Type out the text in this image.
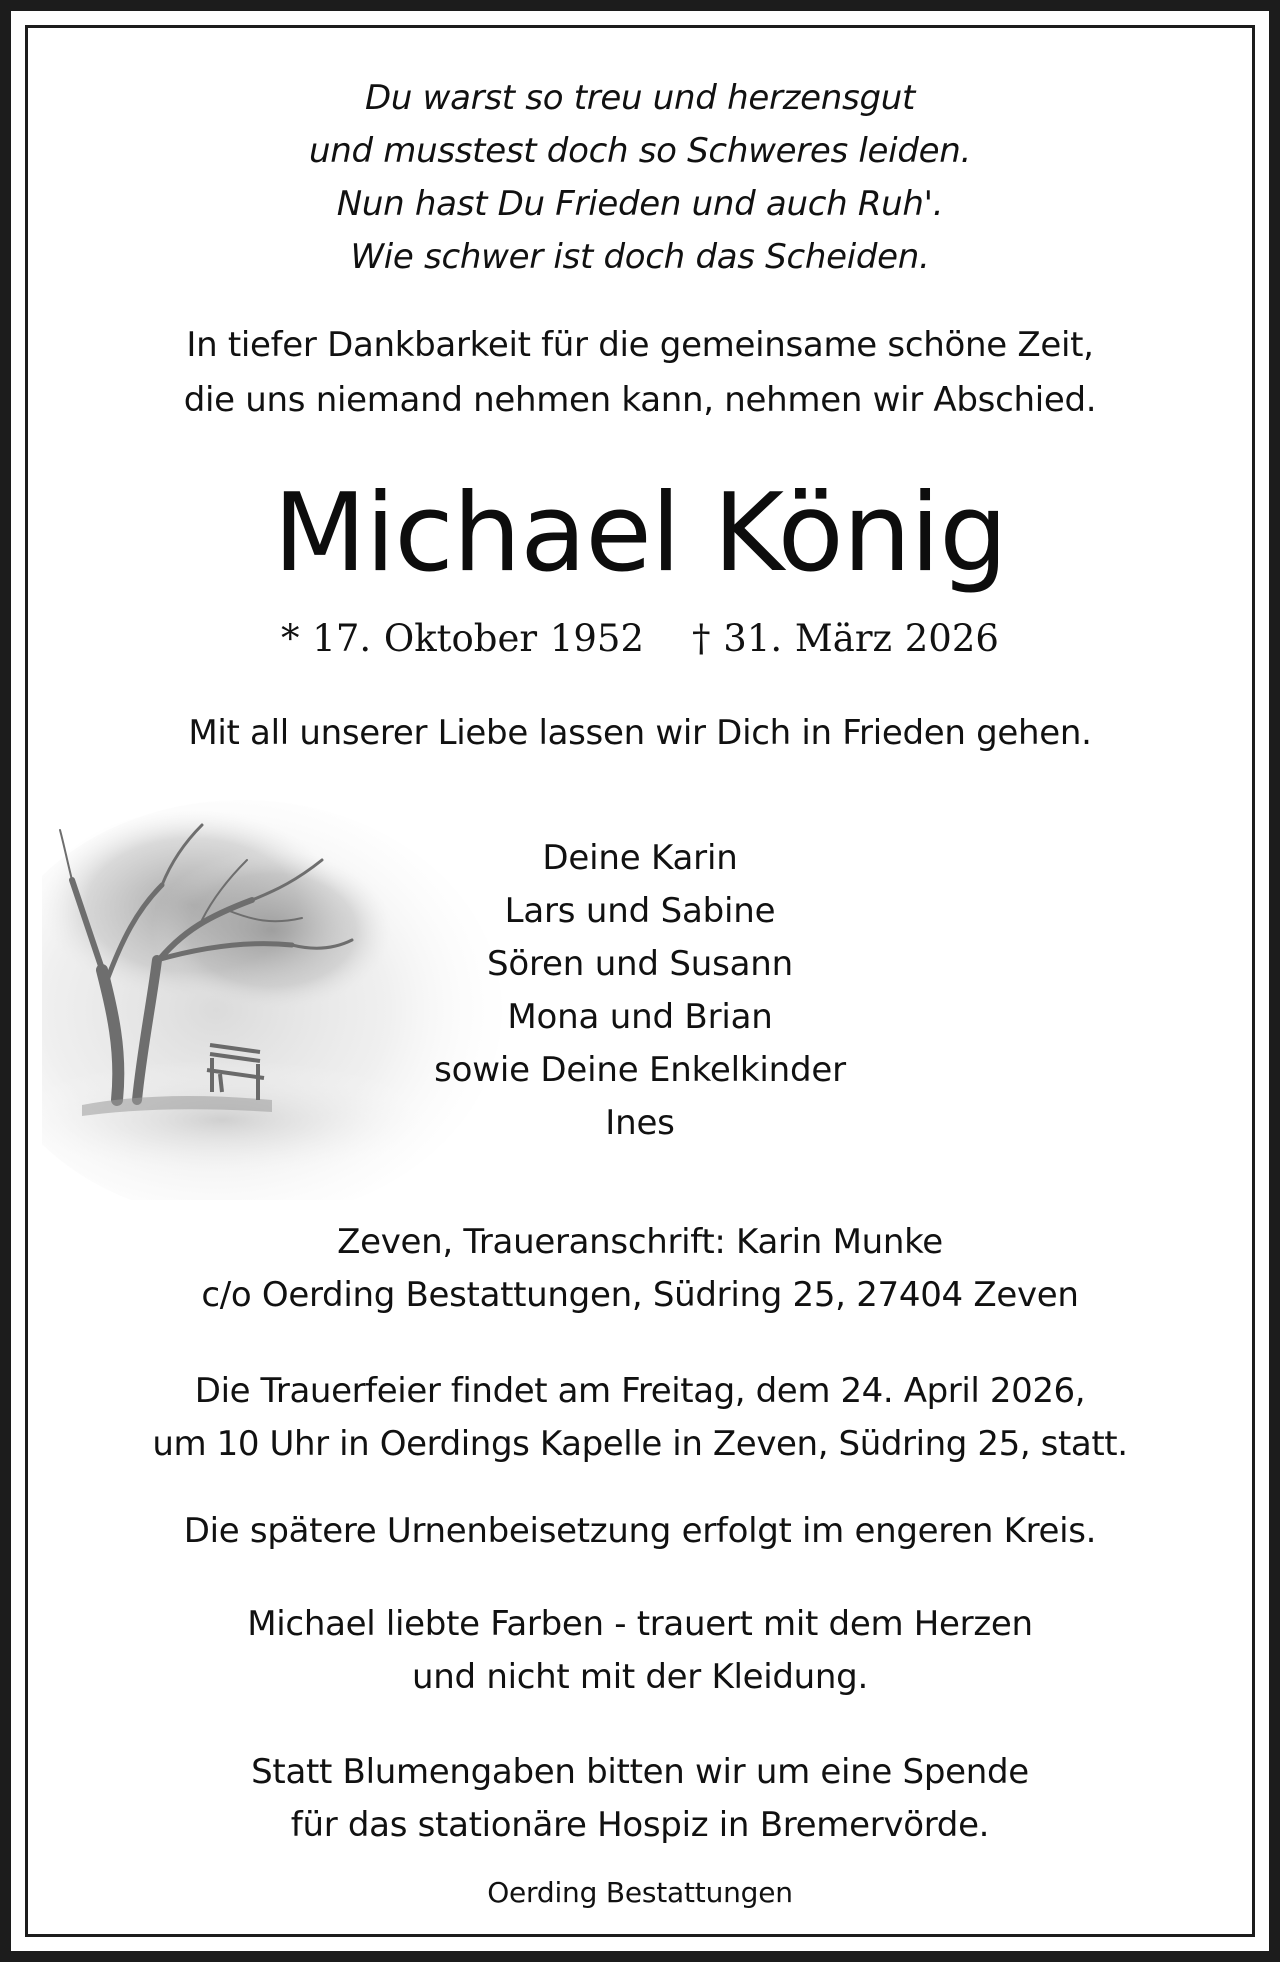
Du warst so treu und herzensgut
und musstest doch so Schweres leiden.
Nun hast Du Frieden und auch Ruh'.
Wie schwer ist doch das Scheiden.
In tiefer Dankbarkeit für die gemeinsame schöne Zeit,
die uns niemand nehmen kann, nehmen wir Abschied.
Michael König
* 17. Oktober 1952 † 31. März 2026
Mit all unserer Liebe lassen wir Dich in Frieden gehen.
Deine Karin
Lars und Sabine
Sören und Susann
Mona und Brian
sowie Deine Enkelkinder
Ines
Zeven, Traueranschrift: Karin Munke
c/o Oerding Bestattungen, Südring 25, 27404 Zeven
Die Trauerfeier findet am Freitag, dem 24. April 2026,
um 10 Uhr in Oerdings Kapelle in Zeven, Südring 25, statt.
Die spätere Urnenbeisetzung erfolgt im engeren Kreis.
Michael liebte Farben - trauert mit dem Herzen
und nicht mit der Kleidung.
Statt Blumengaben bitten wir um eine Spende
für das stationäre Hospiz in Bremervörde.
Oerding Bestattungen
